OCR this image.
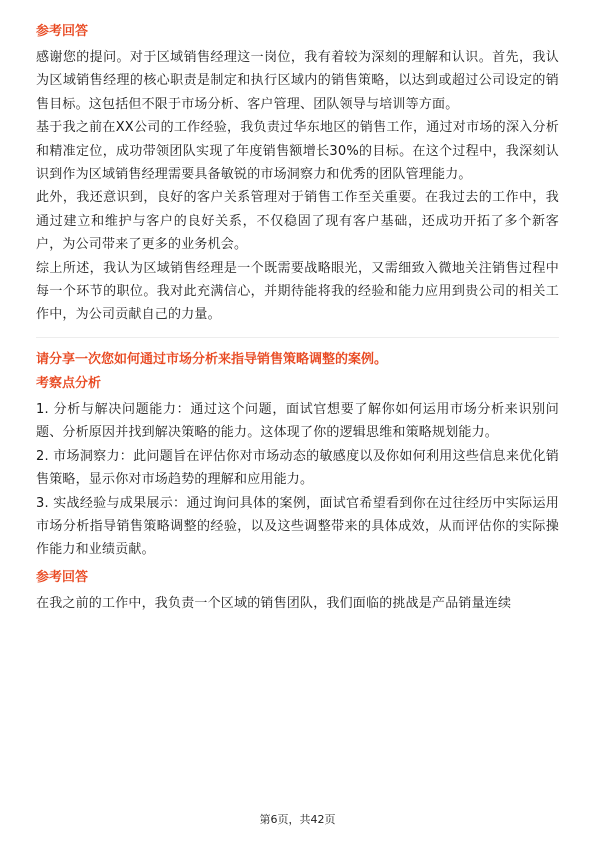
参考回答

感谢您的提问。对于区域销售经理这一岗位，我有着较为深刻的理解和认识。首先，我认为区域销售经理的核心职责是制定和执行区域内的销售策略，以达到或超过公司设定的销售目标。这包括但不限于市场分析、客户管理、团队领导与培训等方面。

基于我之前在XX公司的工作经验，我负责过华东地区的销售工作，通过对市场的深入分析和精准定位，成功带领团队实现了年度销售额增长30%的目标。在这个过程中，我深刻认识到作为区域销售经理需要具备敏锐的市场洞察力和优秀的团队管理能力。

此外，我还意识到，良好的客户关系管理对于销售工作至关重要。在我过去的工作中，我通过建立和维护与客户的良好关系，不仅稳固了现有客户基础，还成功开拓了多个新客户，为公司带来了更多的业务机会。

综上所述，我认为区域销售经理是一个既需要战略眼光，又需细致入微地关注销售过程中每一个环节的职位。我对此充满信心，并期待能将我的经验和能力应用到贵公司的相关工作中，为公司贡献自己的力量。

请分享一次您如何通过市场分析来指导销售策略调整的案例。

考察点分析

1. 分析与解决问题能力：通过这个问题，面试官想要了解你如何运用市场分析来识别问题、分析原因并找到解决策略的能力。这体现了你的逻辑思维和策略规划能力。

2. 市场洞察力：此问题旨在评估你对市场动态的敏感度以及你如何利用这些信息来优化销售策略，显示你对市场趋势的理解和应用能力。

3. 实战经验与成果展示：通过询问具体的案例，面试官希望看到你在过往经历中实际运用市场分析指导销售策略调整的经验，以及这些调整带来的具体成效，从而评估你的实际操作能力和业绩贡献。

参考回答

在我之前的工作中，我负责一个区域的销售团队，我们面临的挑战是产品销量连续

第6页，共42页
